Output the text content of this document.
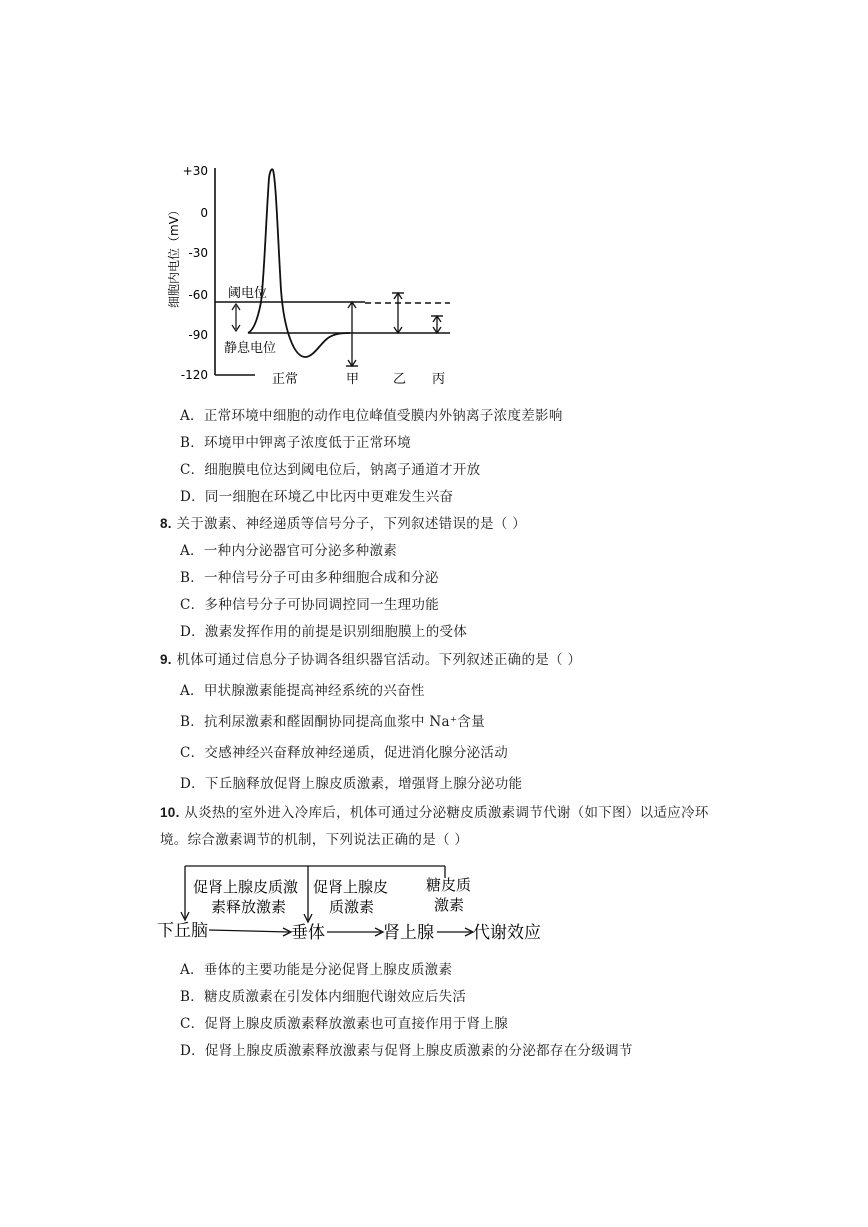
细胞内电位（mV）
+30
0
-30
-60
-90
-120
阈电位
静息电位
正常	甲	乙 丙
A．正常环境中细胞的动作电位峰值受膜内外钠离子浓度差影响
B．环境甲中钾离子浓度低于正常环境
C．细胞膜电位达到阈电位后，钠离子通道才开放
D．同一细胞在环境乙中比丙中更难发生兴奋
8. 关于激素、神经递质等信号分子，下列叙述错误的是（ ）
A．一种内分泌器官可分泌多种激素
B．一种信号分子可由多种细胞合成和分泌
C．多种信号分子可协同调控同一生理功能
D．激素发挥作用的前提是识别细胞膜上的受体
9. 机体可通过信息分子协调各组织器官活动。下列叙述正确的是（ ）
A．甲状腺激素能提高神经系统的兴奋性
B．抗利尿激素和醛固酮协同提高血浆中 Na⁺含量
C．交感神经兴奋释放神经递质，促进消化腺分泌活动
D．下丘脑释放促肾上腺皮质激素，增强肾上腺分泌功能
10. 从炎热的室外进入冷库后，机体可通过分泌糖皮质激素调节代谢（如下图）以适应冷环
境。综合激素调节的机制，下列说法正确的是（ ）
下丘脑	垂体	肾上腺 代谢效应
促肾上腺皮质激
素释放激素
促肾上腺皮
质激素
糖皮质
激素
A．垂体的主要功能是分泌促肾上腺皮质激素
B．糖皮质激素在引发体内细胞代谢效应后失活
C．促肾上腺皮质激素释放激素也可直接作用于肾上腺
D．促肾上腺皮质激素释放激素与促肾上腺皮质激素的分泌都存在分级调节
